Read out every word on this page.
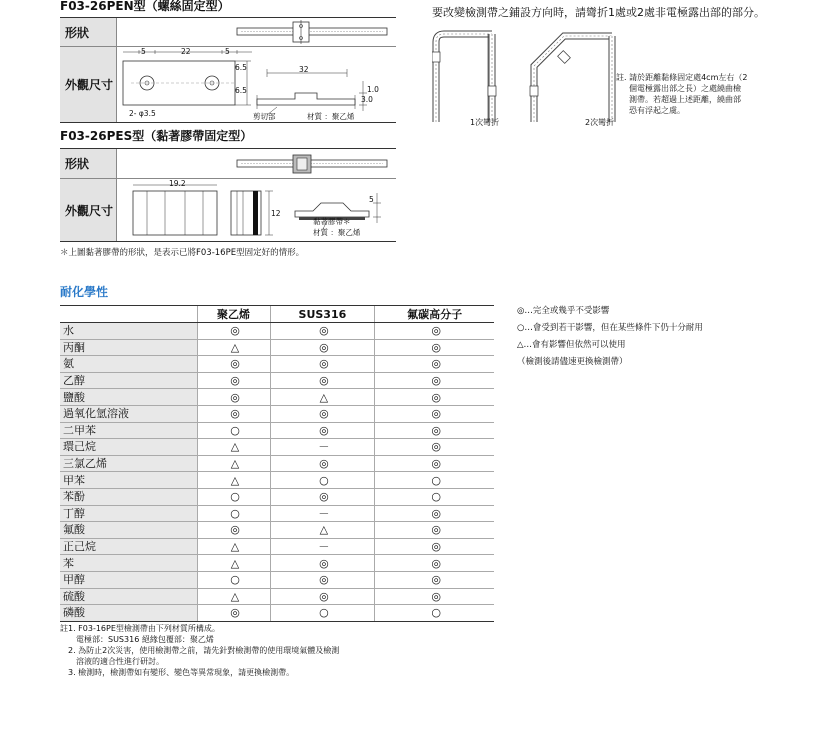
F03-26PEN型（螺絲固定型）
形狀
外觀尺寸
5	22	5
6.5
6.5
2- φ3.5
32
1.0
3.0
剪切部	材質 ：聚乙烯
F03-26PES型（黏著膠帶固定型）
形狀
外觀尺寸
19.2
12
5
黏著膠帶＊
材質 ：聚乙烯
＊上圖黏著膠帶的形狀，是表示已將F03-16PE型固定好的情形。
要改變檢測帶之鋪設方向時，請彎折1處或2處非電極露出部的部分。
1次彎折	2次彎折
註. 請於距離黏條固定處4cm左右（2
個電極露出部之長）之處繞曲檢
測帶。若超過上述距離，繞曲部
恐有浮起之虞。
耐化學性
	聚乙烯	SUS316	氟碳高分子
水	◎	◎	◎
丙酮	△	◎	◎
氨	◎	◎	◎
乙醇	◎	◎	◎
鹽酸	◎	△	◎
過氧化氫溶液	◎	◎	◎
二甲苯	○	◎	◎
環己烷	△	－	◎
三氯乙烯	△	◎	◎
甲苯	△	○	○
苯酚	○	◎	○
丁醇	○	－	◎
氟酸	◎	△	◎
正己烷	△	－	◎
苯	△	◎	◎
甲醇	○	◎	◎
硫酸	△	◎	◎
磷酸	◎	○	○
◎…完全或幾乎不受影響
○…會受到若干影響，但在某些條件下仍十分耐用
△…會有影響但依然可以使用
（檢測後請儘速更換檢測帶）
註1. F03-16PE型檢測帶由下列材質所構成。
　　電極部：SUS316 絕緣包覆部：聚乙烯
　2. 為防止2次災害，使用檢測帶之前，請先針對檢測帶的使用環境氣體及檢測
　　溶液的適合性進行研討。
　3. 檢測時，檢測帶如有變形、變色等異常現象，請更換檢測帶。
